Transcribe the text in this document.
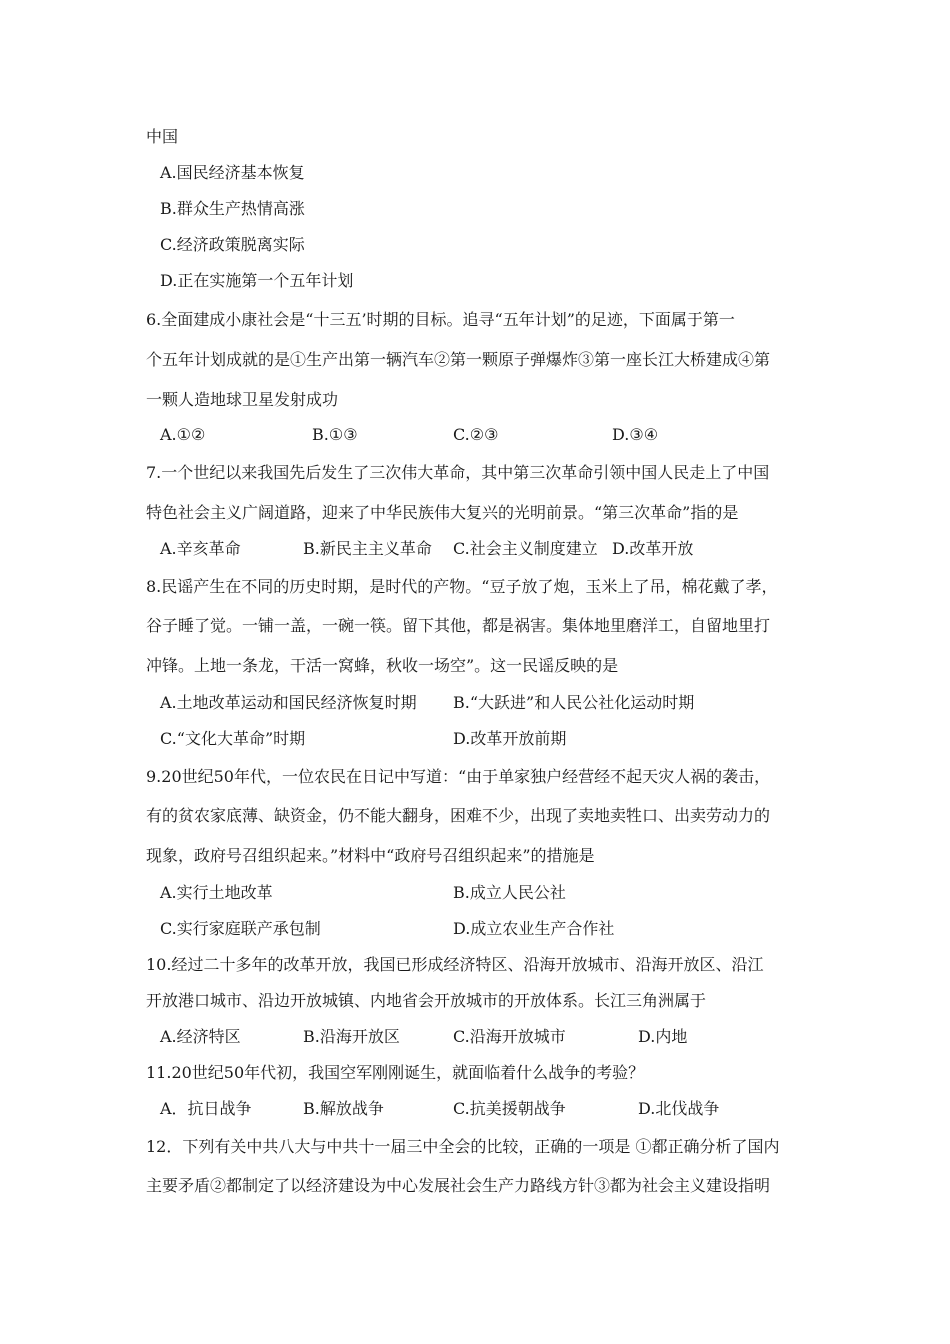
中国
A.国民经济基本恢复
B.群众生产热情高涨
C.经济政策脱离实际
D.正在实施第一个五年计划
6.全面建成小康社会是“十三五’时期的目标。追寻“五年计划”的足迹，下面属于第一
个五年计划成就的是①生产出第一辆汽车②第一颗原子弹爆炸③第一座长江大桥建成④第
一颗人造地球卫星发射成功
A.①②	B.①③	C.②③	D.③④
7.一个世纪以来我国先后发生了三次伟大革命，其中第三次革命引领中国人民走上了中国
特色社会主义广阔道路，迎来了中华民族伟大复兴的光明前景。“第三次革命”指的是
A.辛亥革命	B.新民主主义革命 C.社会主义制度建立 D.改革开放
8.民谣产生在不同的历史时期，是时代的产物。“豆子放了炮，玉米上了吊，棉花戴了孝，
谷子睡了觉。一铺一盖，一碗一筷。留下其他，都是祸害。集体地里磨洋工，自留地里打
冲锋。上地一条龙，干活一窝蜂，秋收一场空”。这一民谣反映的是
A.土地改革运动和国民经济恢复时期 B.“大跃进”和人民公社化运动时期
C.“文化大革命”时期	D.改革开放前期
9.20世纪50年代，一位农民在日记中写道：“由于单家独户经营经不起天灾人祸的袭击，
有的贫农家底薄、缺资金，仍不能大翻身，困难不少，出现了卖地卖牲口、出卖劳动力的
现象，政府号召组织起来。”材料中“政府号召组织起来”的措施是
A.实行土地改革	B.成立人民公社
C.实行家庭联产承包制	D.成立农业生产合作社
10.经过二十多年的改革开放，我国已形成经济特区、沿海开放城市、沿海开放区、沿江
开放港口城市、沿边开放城镇、内地省会开放城市的开放体系。长江三角洲属于
A.经济特区	B.沿海开放区	C.沿海开放城市	D.内地
11.20世纪50年代初，我国空军刚刚诞生，就面临着什么战争的考验？
A．抗日战争	B.解放战争	C.抗美援朝战争	D.北伐战争
12．下列有关中共八大与中共十一届三中全会的比较，正确的一项是 ①都正确分析了国内
主要矛盾②都制定了以经济建设为中心发展社会生产力路线方针③都为社会主义建设指明
